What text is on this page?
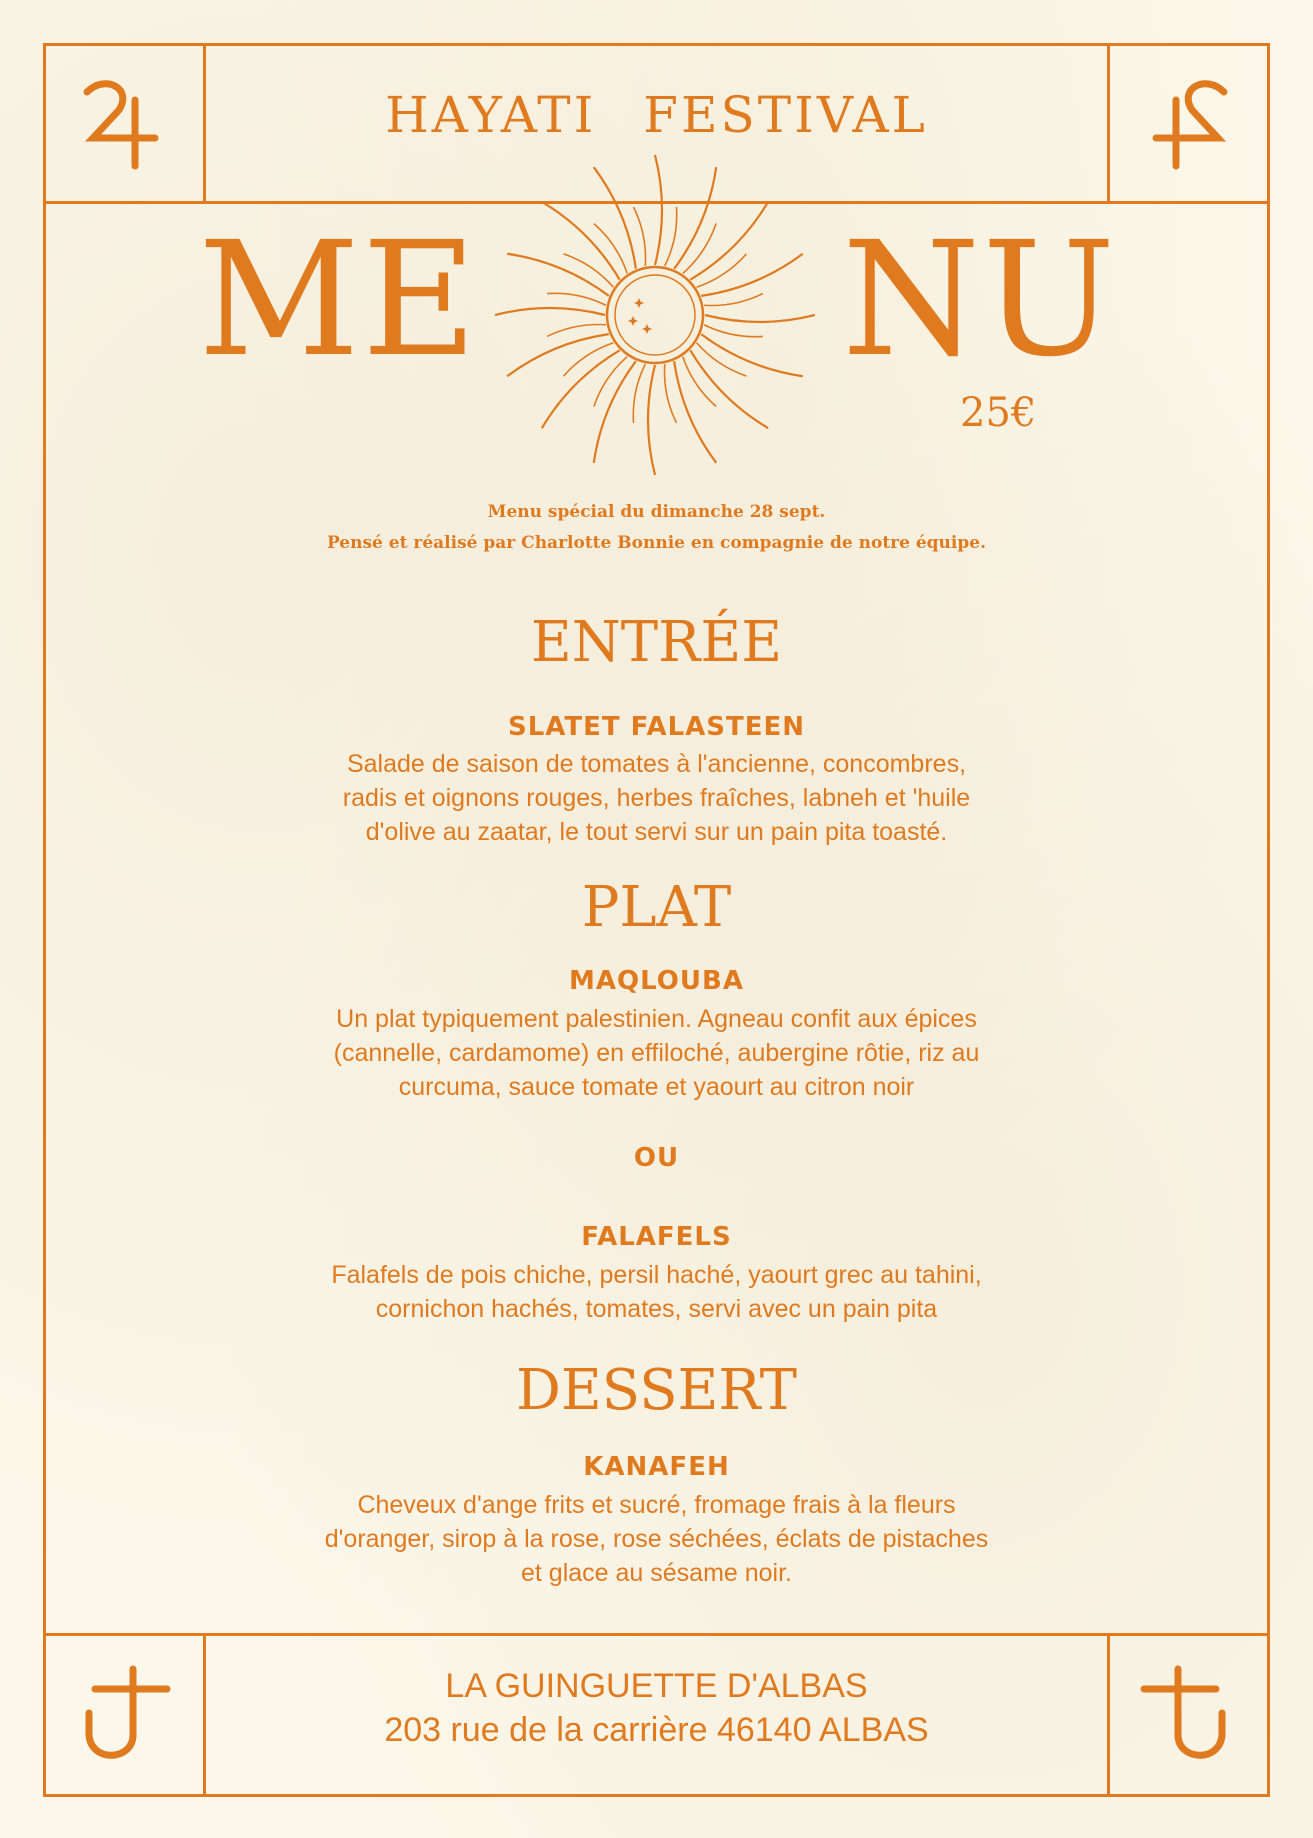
HAYATI FESTIVAL
ME NU
25€
Menu spécial du dimanche 28 sept.
Pensé et réalisé par Charlotte Bonnie en compagnie de notre équipe.
ENTRÉE
SLATET FALASTEEN
Salade de saison de tomates à l'ancienne, concombres,
radis et oignons rouges, herbes fraîches, labneh et 'huile
d'olive au zaatar, le tout servi sur un pain pita toasté.
PLAT
MAQLOUBA
Un plat typiquement palestinien. Agneau confit aux épices
(cannelle, cardamome) en effiloché, aubergine rôtie, riz au
curcuma, sauce tomate et yaourt au citron noir
OU
FALAFELS
Falafels de pois chiche, persil haché, yaourt grec au tahini,
cornichon hachés, tomates, servi avec un pain pita
DESSERT
KANAFEH
Cheveux d'ange frits et sucré, fromage frais à la fleurs
d'oranger, sirop à la rose, rose séchées, éclats de pistaches
et glace au sésame noir.
LA GUINGUETTE D'ALBAS
203 rue de la carrière 46140 ALBAS
